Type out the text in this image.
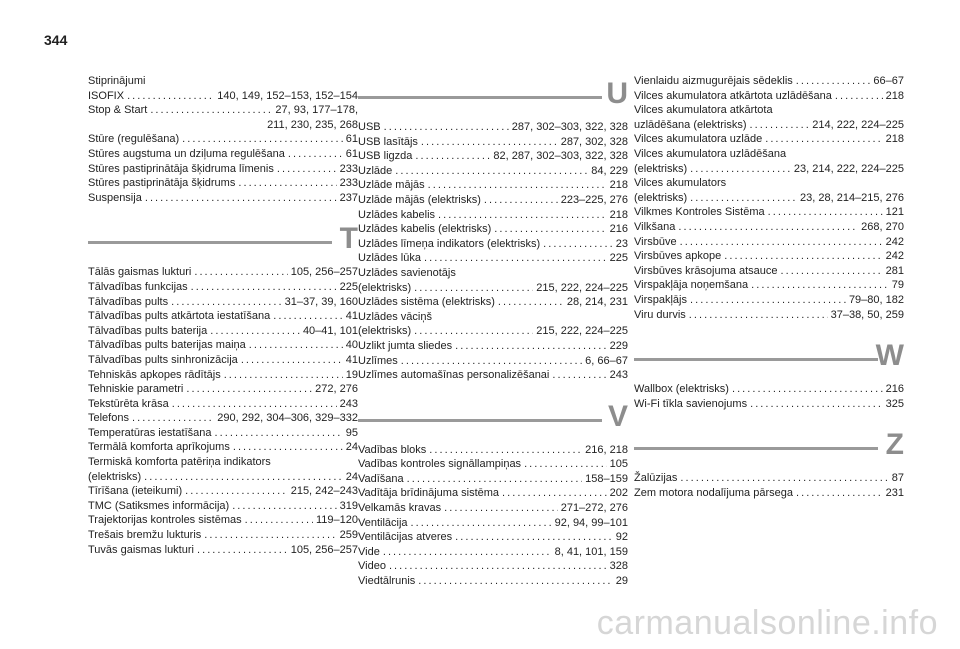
344
Stiprinājumi
ISOFIX . . .	140, 149, 152–153, 152–154
Stop & Start . . .	27, 93, 177–178,
211, 230, 235, 268
Stūre (regulēšana) . . .	61
Stūres augstuma un dziļuma regulēšana . . .	61
Stūres pastiprinātāja šķidruma līmenis . . .	233
Stūres pastiprinātāja šķidrums . . .	233
Suspensija . . .	237
T
Tālās gaismas lukturi . . .	105, 256–257
Tālvadības funkcijas . . .	225
Tālvadības pults . . .	31–37, 39, 160
Tālvadības pults atkārtota iestatīšana . . .	41
Tālvadības pults baterija . . .	40–41, 101
Tālvadības pults baterijas maiņa . . .	40
Tālvadības pults sinhronizācija . . .	41
Tehniskās apkopes rādītājs . . .	19
Tehniskie parametri . . .	272, 276
Tekstūrēta krāsa . . .	243
Telefons . . .	290, 292, 304–306, 329–332
Temperatūras iestatīšana . . .	95
Termālā komforta aprīkojums . . .	24
Termiskā komforta patēriņa indikators
(elektrisks) . . .	24
Tīrīšana (ieteikumi) . . .	215, 242–243
TMC (Satiksmes informācija) . . .	319
Trajektorijas kontroles sistēmas . . .	119–120
Trešais bremžu lukturis . . .	259
Tuvās gaismas lukturi . . .	105, 256–257
U
USB . . .	287, 302–303, 322, 328
USB lasītājs . . .	287, 302, 328
USB ligzda . . .	82, 287, 302–303, 322, 328
Uzlāde . . .	84, 229
Uzlāde mājās . . .	218
Uzlāde mājās (elektrisks) . . .	223–225, 276
Uzlādes kabelis . . .	218
Uzlādes kabelis (elektrisks) . . .	216
Uzlādes līmeņa indikators (elektrisks) . . .	23
Uzlādes lūka . . .	225
Uzlādes savienotājs
(elektrisks) . . .	215, 222, 224–225
Uzlādes sistēma (elektrisks) . . .	28, 214, 231
Uzlādes vāciņš
(elektrisks) . . .	215, 222, 224–225
Uzlikt jumta sliedes . . .	229
Uzlīmes . . .	6, 66–67
Uzlīmes automašīnas personalizēšanai . . .	243
V
Vadības bloks . . .	216, 218
Vadības kontroles signāllampiņas . . .	105
Vadīšana . . .	158–159
Vadītāja brīdinājuma sistēma . . .	202
Velkamās kravas . . .	271–272, 276
Ventilācija . . .	92, 94, 99–101
Ventilācijas atveres . . .	92
Vide . . .	8, 41, 101, 159
Video . . .	328
Viedtālrunis . . .	29
Vienlaidu aizmugurējais sēdeklis . . .	66–67
Vilces akumulatora atkārtota uzlādēšana . . .	218
Vilces akumulatora atkārtota
uzlādēšana (elektrisks) . . .	214, 222, 224–225
Vilces akumulatora uzlāde . . .	218
Vilces akumulatora uzlādēšana
(elektrisks) . . .	23, 214, 222, 224–225
Vilces akumulators
(elektrisks) . . .	23, 28, 214–215, 276
Vilkmes Kontroles Sistēma . . .	121
Vilkšana . . .	268, 270
Virsbūve . . .	242
Virsbūves apkope . . .	242
Virsbūves krāsojuma atsauce . . .	281
Virspakļāja noņemšana . . .	79
Virspakļājs . . .	79–80, 182
Viru durvis . . .	37–38, 50, 259
W
Wallbox (elektrisks) . . .	216
Wi-Fi tīkla savienojums . . .	325
Z
Žalūzijas . . .	87
Zem motora nodalījuma pārsega . . .	231
carmanualsonline.info
